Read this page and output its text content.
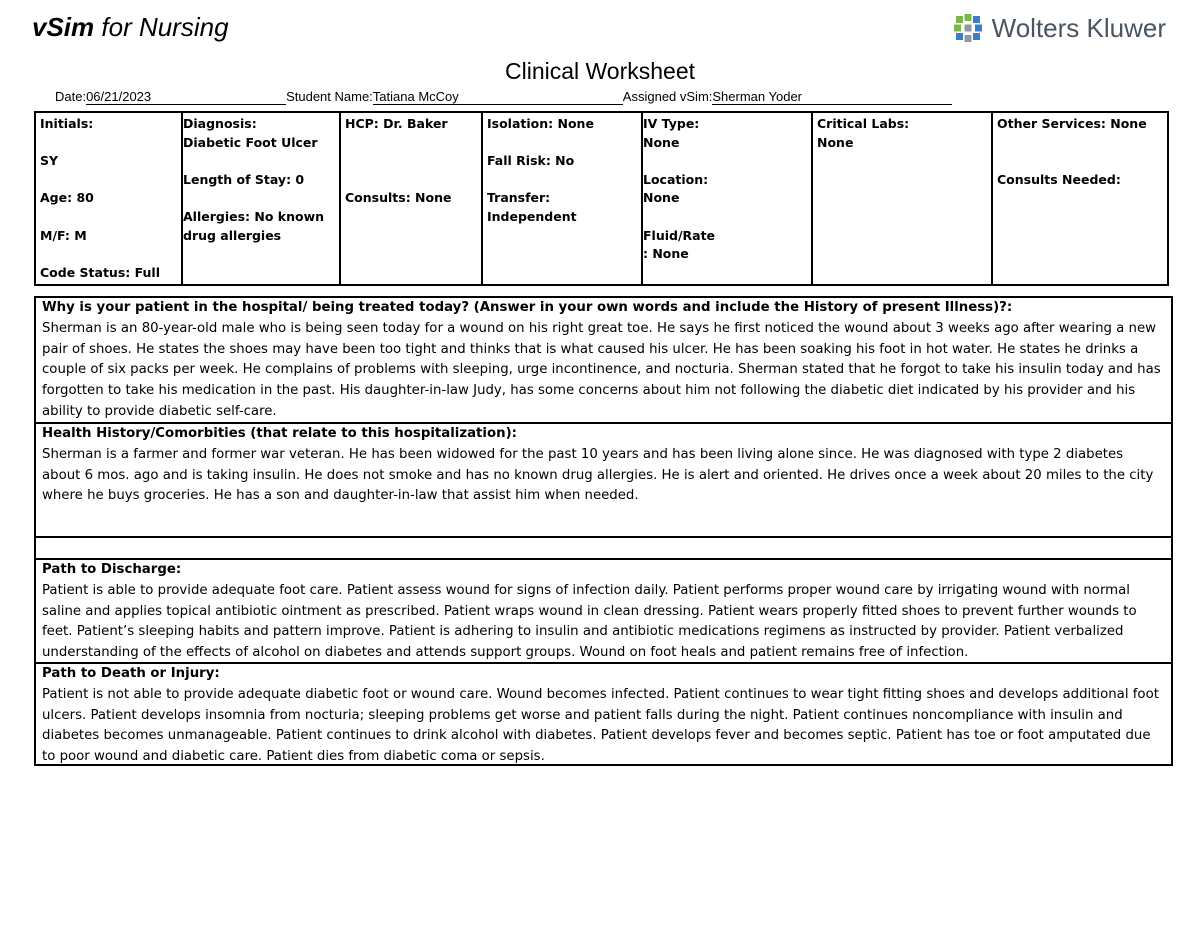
vSim for Nursing	Wolters Kluwer
Clinical Worksheet
Date:06/21/2023	Student Name:Tatiana McCoy	Assigned vSim:Sherman Yoder
Initials:
SY
Age: 80
M/F: M
Code Status: Full

Diagnosis:
Diabetic Foot Ulcer
Length of Stay: 0
Allergies: No known
drug allergies

HCP: Dr. Baker
Consults: None

Isolation: None
Fall Risk: No
Transfer: Independent

IV Type:
None
Location:
None
Fluid/Rate
: None

Critical Labs:
None

Other Services: None
Consults Needed:
Why is your patient in the hospital/ being treated today? (Answer in your own words and include the History of present Illness)?:
Sherman is an 80-year-old male who is being seen today for a wound on his right great toe. He says he first noticed the wound about 3 weeks ago after wearing a new pair of shoes. He states the shoes may have been too tight and thinks that is what caused his ulcer. He has been soaking his foot in hot water. He states he drinks a couple of six packs per week. He complains of problems with sleeping, urge incontinence, and nocturia. Sherman stated that he forgot to take his insulin today and has forgotten to take his medication in the past. His daughter-in-law Judy, has some concerns about him not following the diabetic diet indicated by his provider and his ability to provide diabetic self-care.
Health History/Comorbities (that relate to this hospitalization):
Sherman is a farmer and former war veteran. He has been widowed for the past 10 years and has been living alone since. He was diagnosed with type 2 diabetes about 6 mos. ago and is taking insulin. He does not smoke and has no known drug allergies. He is alert and oriented. He drives once a week about 20 miles to the city where he buys groceries. He has a son and daughter-in-law that assist him when needed.
Path to Discharge:
Patient is able to provide adequate foot care. Patient assess wound for signs of infection daily. Patient performs proper wound care by irrigating wound with normal saline and applies topical antibiotic ointment as prescribed. Patient wraps wound in clean dressing. Patient wears properly fitted shoes to prevent further wounds to feet. Patient’s sleeping habits and pattern improve. Patient is adhering to insulin and antibiotic medications regimens as instructed by provider. Patient verbalized understanding of the effects of alcohol on diabetes and attends support groups. Wound on foot heals and patient remains free of infection.
Path to Death or Injury:
Patient is not able to provide adequate diabetic foot or wound care. Wound becomes infected. Patient continues to wear tight fitting shoes and develops additional foot ulcers. Patient develops insomnia from nocturia; sleeping problems get worse and patient falls during the night. Patient continues noncompliance with insulin and diabetes becomes unmanageable. Patient continues to drink alcohol with diabetes. Patient develops fever and becomes septic. Patient has toe or foot amputated due to poor wound and diabetic care. Patient dies from diabetic coma or sepsis.
